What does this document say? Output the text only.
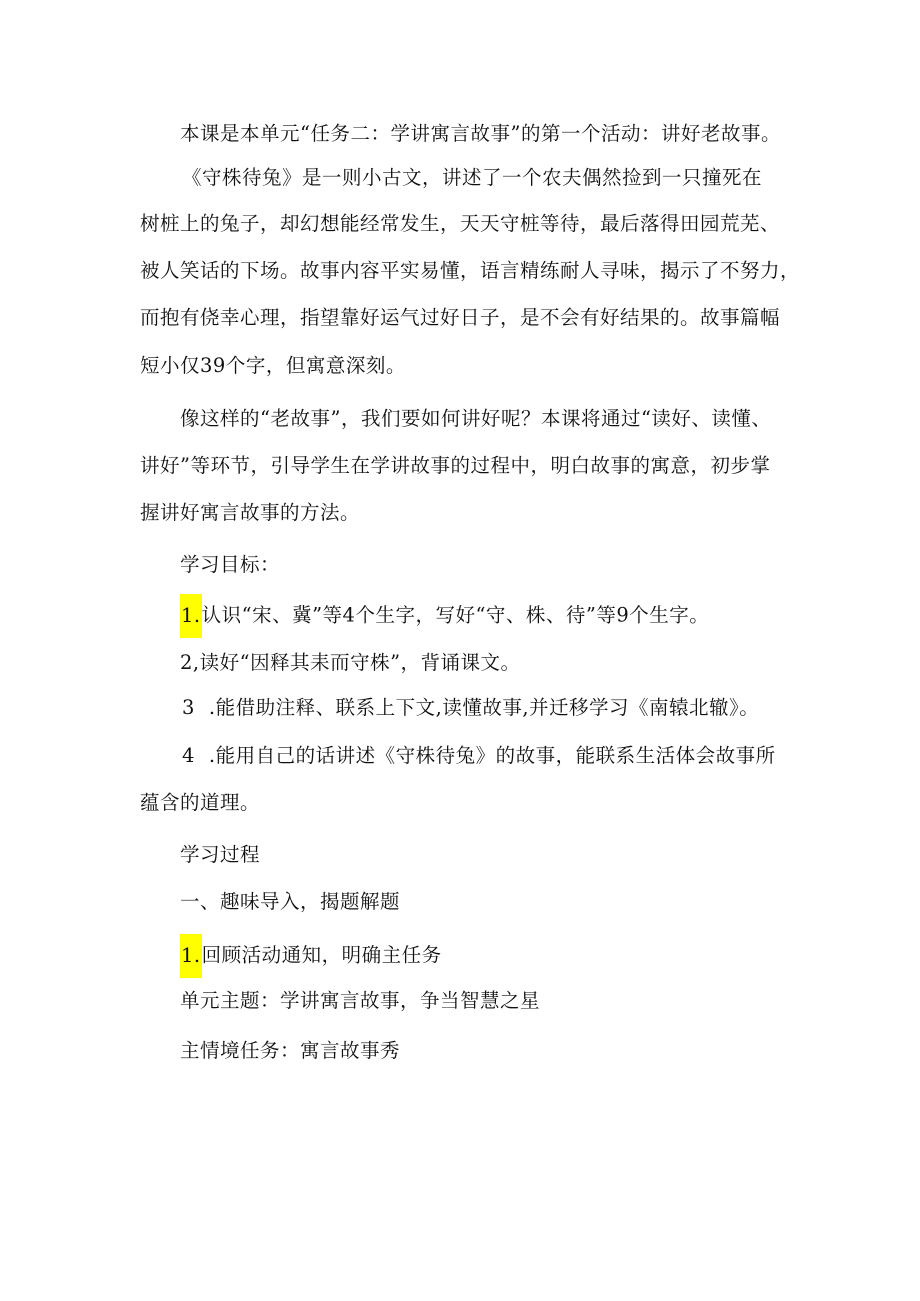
本课是本单元“任务二：学讲寓言故事”的第一个活动：讲好老故事。
《守株待兔》是一则小古文，讲述了一个农夫偶然捡到一只撞死在
树桩上的兔子，却幻想能经常发生，天天守桩等待，最后落得田园荒芜、
被人笑话的下场。故事内容平实易懂，语言精练耐人寻味，揭示了不努力，
而抱有侥幸心理，指望靠好运气过好日子，是不会有好结果的。故事篇幅
短小仅39个字，但寓意深刻。
像这样的“老故事”，我们要如何讲好呢？本课将通过“读好、读懂、
讲好”等环节，引导学生在学讲故事的过程中，明白故事的寓意，初步掌
握讲好寓言故事的方法。
学习目标：
1.认识“宋、冀”等4个生字，写好“守、株、待”等9个生字。
2,读好“因释其耒而守株”，背诵课文。
3 .能借助注释、联系上下文,读懂故事,并迁移学习《南辕北辙》。
4 .能用自己的话讲述《守株待兔》的故事，能联系生活体会故事所
蕴含的道理。
学习过程
一、趣味导入，揭题解题
1.回顾活动通知，明确主任务
单元主题：学讲寓言故事，争当智慧之星
主情境任务：寓言故事秀
